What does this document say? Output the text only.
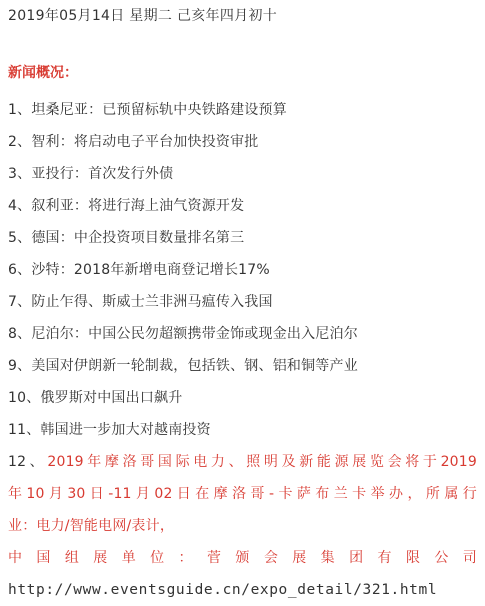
2019年05月14日 星期二 己亥年四月初十
新闻概况：
1、坦桑尼亚：已预留标轨中央铁路建设预算
2、智利：将启动电子平台加快投资审批
3、亚投行：首次发行外债
4、叙利亚：将进行海上油气资源开发
5、德国：中企投资项目数量排名第三
6、沙特：2018年新增电商登记增长17%
7、防止乍得、斯威士兰非洲马瘟传入我国
8、尼泊尔：中国公民勿超额携带金饰或现金出入尼泊尔
9、美国对伊朗新一轮制裁，包括铁、钢、铝和铜等产业
10、俄罗斯对中国出口飙升
11、韩国进一步加大对越南投资
12、2019年摩洛哥国际电力、照明及新能源展览会将于2019
年10月30日-11月02日在摩洛哥-卡萨布兰卡举办，所属行
业：电力/智能电网/表计，
中国组展单位：菅颁会展集团有限公司
http://www.eventsguide.cn/expo_detail/321.html
